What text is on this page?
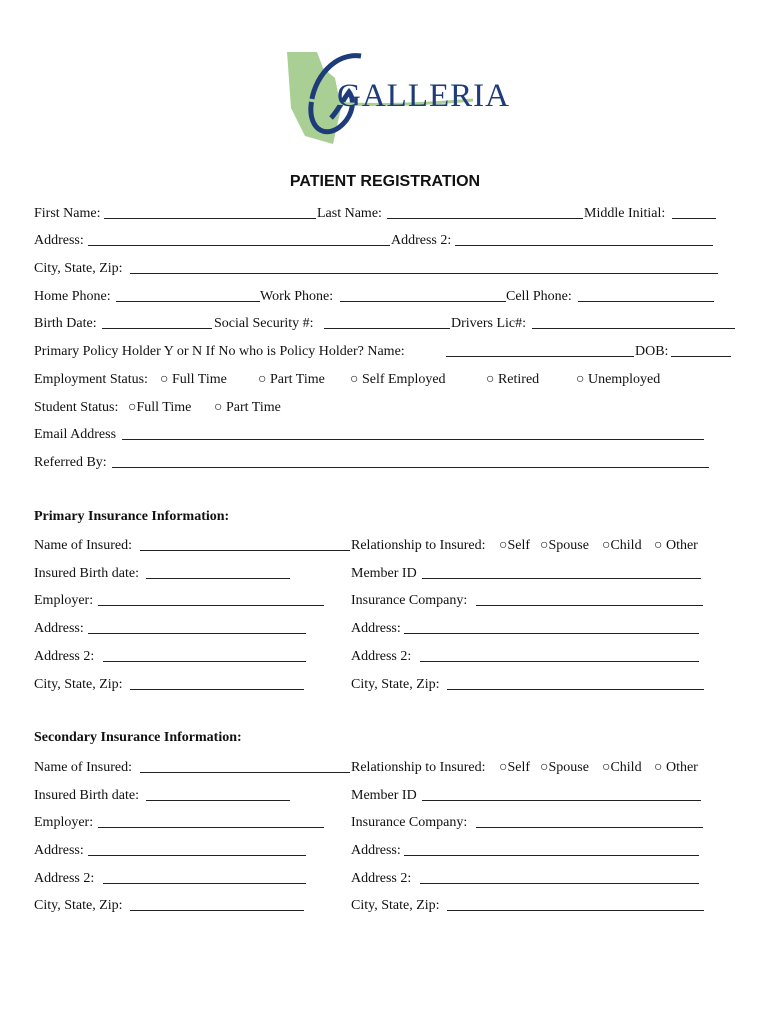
GALLERIA
PATIENT REGISTRATION
First Name:	Last Name:	Middle Initial:
Address:	Address 2:
City, State, Zip:
Home Phone:	Work Phone:	Cell Phone:
Birth Date:	Social Security #:	Drivers Lic#:
Primary Policy Holder Y or N If No who is Policy Holder? Name:	DOB:
Employment Status: ○ Full Time ○ Part Time ○ Self Employed	○ Retired	○ Unemployed
Student Status: ○Full Time ○ Part Time
Email Address
Referred By:
Primary Insurance Information:
Name of Insured:	Relationship to Insured: ○Self ○Spouse ○Child ○ Other
Insured Birth date:	Member ID
Employer:	Insurance Company:
Address:	Address:
Address 2:	Address 2:
City, State, Zip:	City, State, Zip:
Secondary Insurance Information:
Name of Insured:	Relationship to Insured: ○Self ○Spouse ○Child ○ Other
Insured Birth date:	Member ID
Employer:	Insurance Company:
Address:	Address:
Address 2:	Address 2:
City, State, Zip:	City, State, Zip:
